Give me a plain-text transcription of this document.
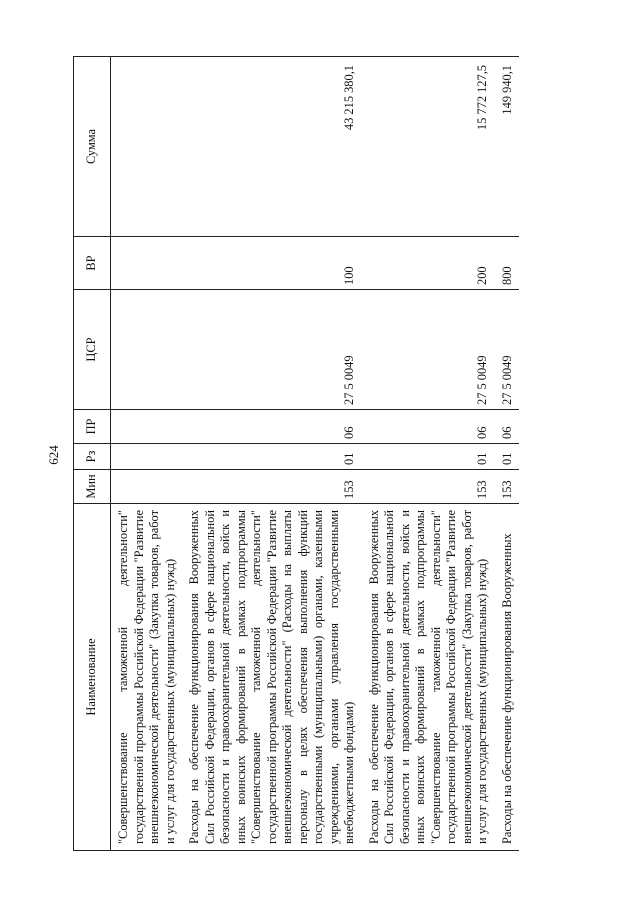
624
Наименование	Мин	Рз	ПР	ЦСР	ВР	Сумма
"Совершенствование таможенной деятельности" государственной программы Российской Федерации "Развитие внешнеэкономической деятельности" (Закупка товаров, работ и услуг для государственных (муниципальных) нужд)						
Расходы на обеспечение функционирования Вооруженных Сил Российской Федерации, органов в сфере национальной безопасности и правоохранительной деятельности, войск и иных воинских формирований в рамках подпрограммы "Совершенствование таможенной деятельности" государственной программы Российской Федерации "Развитие внешнеэкономической деятельности" (Расходы на выплаты персоналу в целях обеспечения выполнения функций государственными (муниципальными) органами, казенными учреждениями, органами управления государственными внебюджетными фондами)	153	01	06	27 5 0049	100	43 215 380,1
Расходы на обеспечение функционирования Вооруженных Сил Российской Федерации, органов в сфере национальной безопасности и правоохранительной деятельности, войск и иных воинских формирований в рамках подпрограммы "Совершенствование таможенной деятельности" государственной программы Российской Федерации "Развитие внешнеэкономической деятельности" (Закупка товаров, работ и услуг для государственных (муниципальных) нужд)	153	01	06	27 5 0049	200	15 772 127,5
Расходы на обеспечение функционирования Вооруженных	153	01	06	27 5 0049	800	149 940,1
